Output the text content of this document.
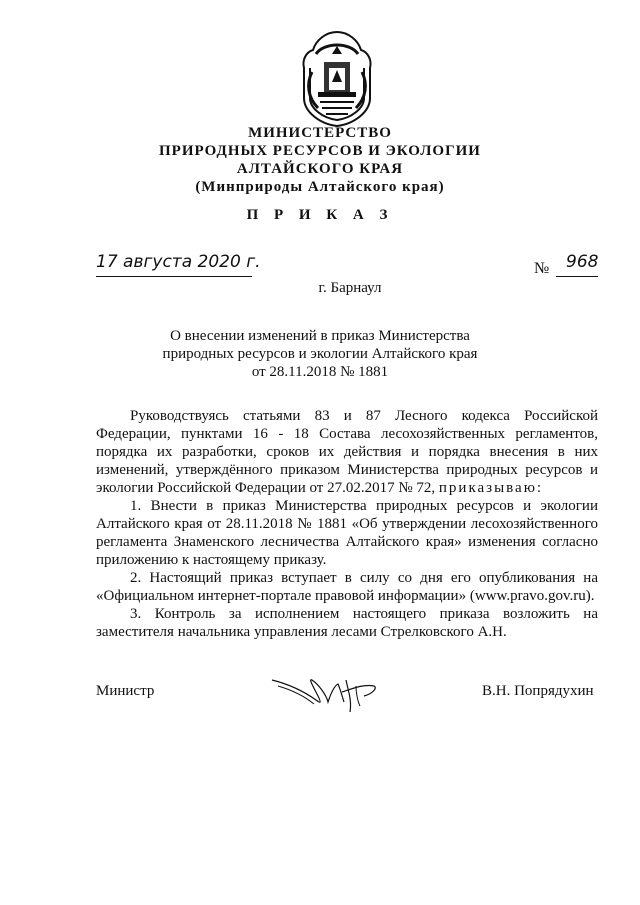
МИНИСТЕРСТВО
ПРИРОДНЫХ РЕСУРСОВ И ЭКОЛОГИИ
АЛТАЙСКОГО КРАЯ
(Минприроды Алтайского края)
П Р И К А З
17 августа 2020 г.	№ 968
г. Барнаул
О внесении изменений в приказ Министерства
природных ресурсов и экологии Алтайского края
от 28.11.2018 № 1881

Руководствуясь статьями 83 и 87 Лесного кодекса Российской Федерации, пунктами 16 - 18 Состава лесохозяйственных регламентов, порядка их разработки, сроков их действия и порядка внесения в них изменений, утверждённого приказом Министерства природных ресурсов и экологии Российской Федерации от 27.02.2017 № 72, приказываю:

1. Внести в приказ Министерства природных ресурсов и экологии Алтайского края от 28.11.2018 № 1881 «Об утверждении лесохозяйственного регламента Знаменского лесничества Алтайского края» изменения согласно приложению к настоящему приказу.

2. Настоящий приказ вступает в силу со дня его опубликования на «Официальном интернет-портале правовой информации» (www.pravo.gov.ru).

3. Контроль за исполнением настоящего приказа возложить на заместителя начальника управления лесами Стрелковского А.Н.

Министр	В.Н. Попрядухин
